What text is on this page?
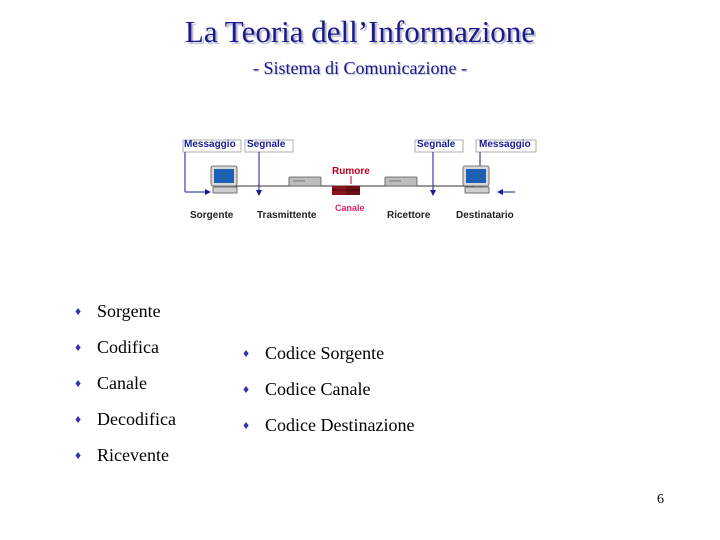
La Teoria dell’Informazione
- Sistema di Comunicazione -
Messaggio Segnale
Rumore
Segnale Messaggio
Sorgente Trasmittente
Canale
Ricettore	Destinatario
♦ Sorgente
♦ Codifica
♦ Canale
♦ Decodifica
♦ Ricevente
♦ Codice Sorgente
♦ Codice Canale
♦ Codice Destinazione
6
